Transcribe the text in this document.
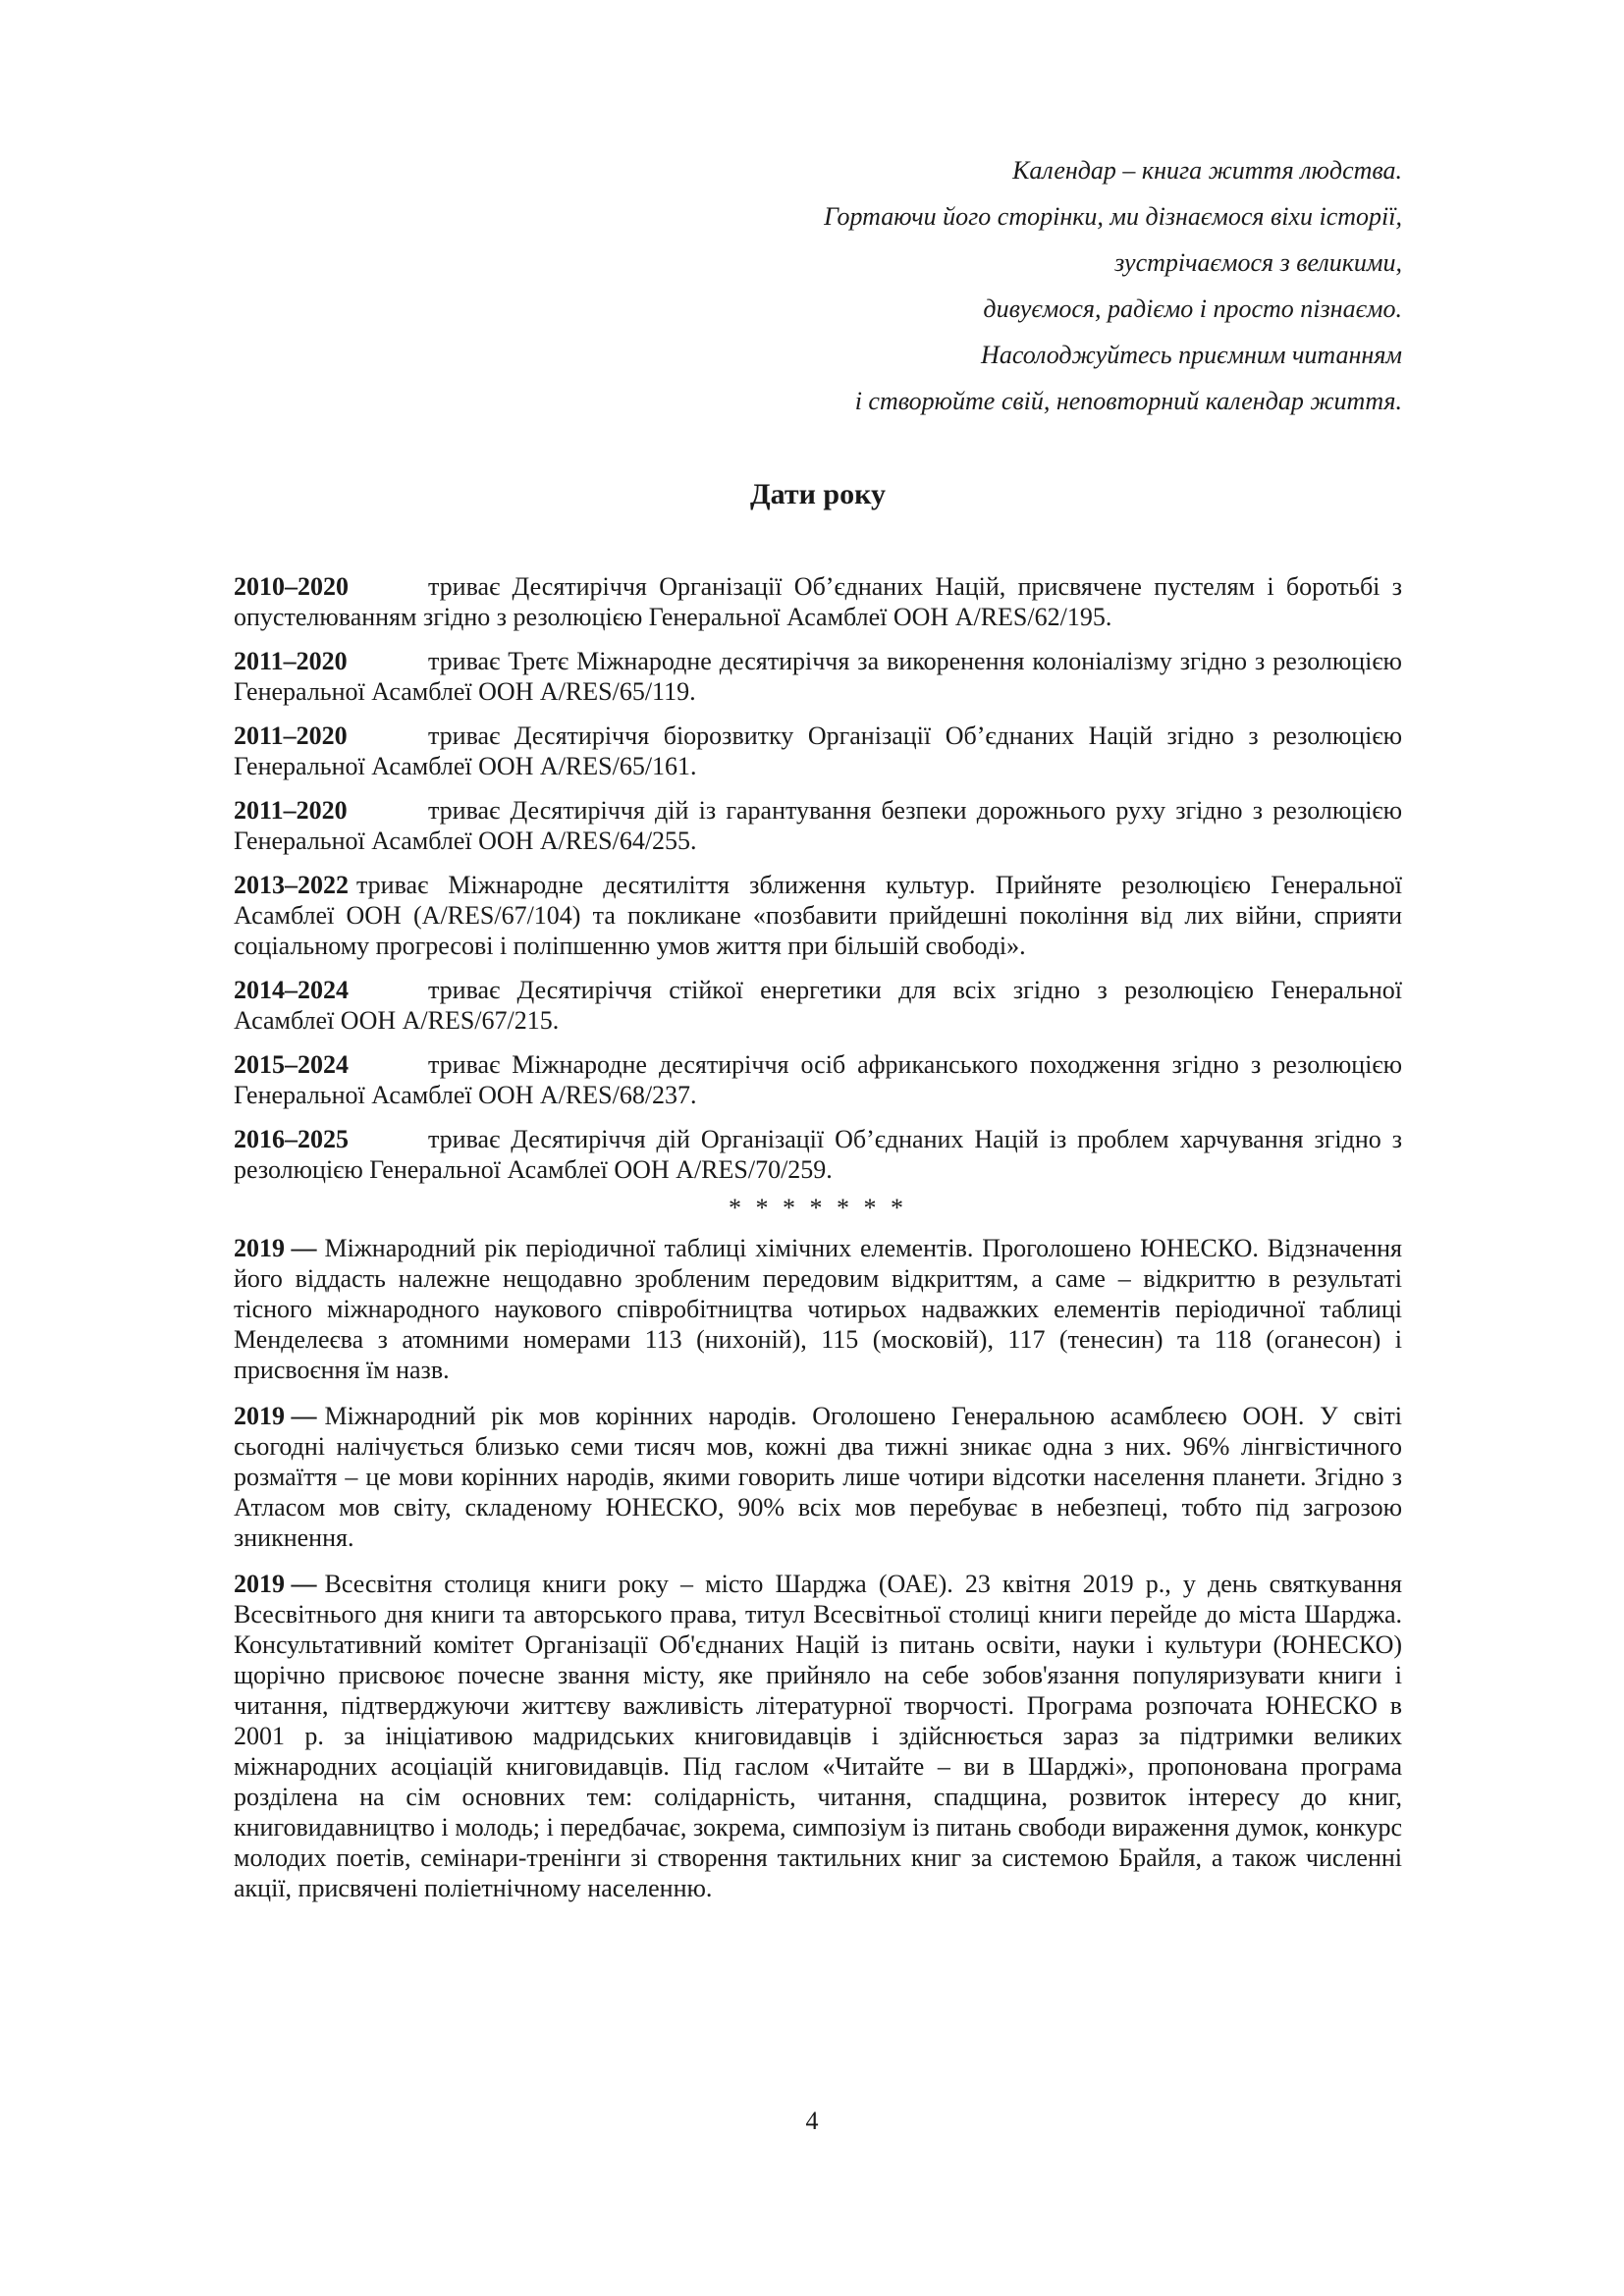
Календар – книга життя людства.
Гортаючи його сторінки, ми дізнаємося віхи історії,
зустрічаємося з великими,
дивуємося, радіємо і просто пізнаємо.
Насолоджуйтесь приємним читанням
і створюйте свій, неповторний календар життя.
Дати року

2010–2020	триває Десятиріччя Організації Об’єднаних Націй, присвячене пустелям і боротьбі з опустелюванням згідно з резолюцією Генеральної Асамблеї ООН A/RES/62/195.

2011–2020	триває Третє Міжнародне десятиріччя за викоренення колоніалізму згідно з резолюцією Генеральної Асамблеї ООН A/RES/65/119.

2011–2020	триває Десятиріччя біорозвитку Організації Об’єднаних Націй згідно з резолюцією Генеральної Асамблеї ООН A/RES/65/161.

2011–2020	триває Десятиріччя дій із гарантування безпеки дорожнього руху згідно з резолюцією Генеральної Асамблеї ООН A/RES/64/255.

2013–2022 триває Міжнародне десятиліття зближення культур. Прийняте резолюцією Генеральної Асамблеї ООН (A/RES/67/104) та покликане «позбавити прийдешні покоління від лих війни, сприяти соціальному прогресові і поліпшенню умов життя при більшій свободі».

2014–2024	триває Десятиріччя стійкої енергетики для всіх згідно з резолюцією Генеральної Асамблеї ООН A/RES/67/215.

2015–2024	триває Міжнародне десятиріччя осіб африканського походження згідно з резолюцією Генеральної Асамблеї ООН A/RES/68/237.

2016–2025	триває Десятиріччя дій Організації Об’єднаних Націй із проблем харчування згідно з резолюцією Генеральної Асамблеї ООН A/RES/70/259.

* * * * * * *

2019 — Міжнародний рік періодичної таблиці хімічних елементів. Проголошено ЮНЕСКО. Відзначення його віддасть належне нещодавно зробленим передовим відкриттям, а саме – відкриттю в результаті тісного міжнародного наукового співробітництва чотирьох надважких елементів періодичної таблиці Менделеєва з атомними номерами 113 (ниxоній), 115 (московій), 117 (тенесин) та 118 (оганесон) і присвоєння їм назв.

2019 — Міжнародний рік мов корінних народів. Оголошено Генеральною асамблеєю ООН. У світі сьогодні налічується близько семи тисяч мов, кожні два тижні зникає одна з них. 96% лінгвістичного розмаїття – це мови корінних народів, якими говорить лише чотири відсотки населення планети. Згідно з Атласом мов світу, складеному ЮНЕСКО, 90% всіх мов перебуває в небезпеці, тобто під загрозою зникнення.

2019 — Всесвітня столиця книги року – місто Шарджа (ОАЕ). 23 квітня 2019 р., у день святкування Всесвітнього дня книги та авторського права, титул Всесвітньої столиці книги перейде до міста Шарджа. Консультативний комітет Організації Об'єднаних Націй із питань освіти, науки і культури (ЮНЕСКО) щорічно присвоює почесне звання місту, яке прийняло на себе зобов'язання популяризувати книги і читання, підтверджуючи життєву важливість літературної творчості. Програма розпочата ЮНЕСКО в 2001 р. за ініціативою мадридських книговидавців і здійснюється зараз за підтримки великих міжнародних асоціацій книговидавців. Під гаслом «Читайте – ви в Шарджі», пропонована програма розділена на сім основних тем: солідарність, читання, спадщина, розвиток інтересу до книг, книговидавництво і молодь; і передбачає, зокрема, симпозіум із питань свободи вираження думок, конкурс молодих поетів, семінари-тренінги зі створення тактильних книг за системою Брайля, а також численні акції, присвячені поліетнічному населенню.

4
